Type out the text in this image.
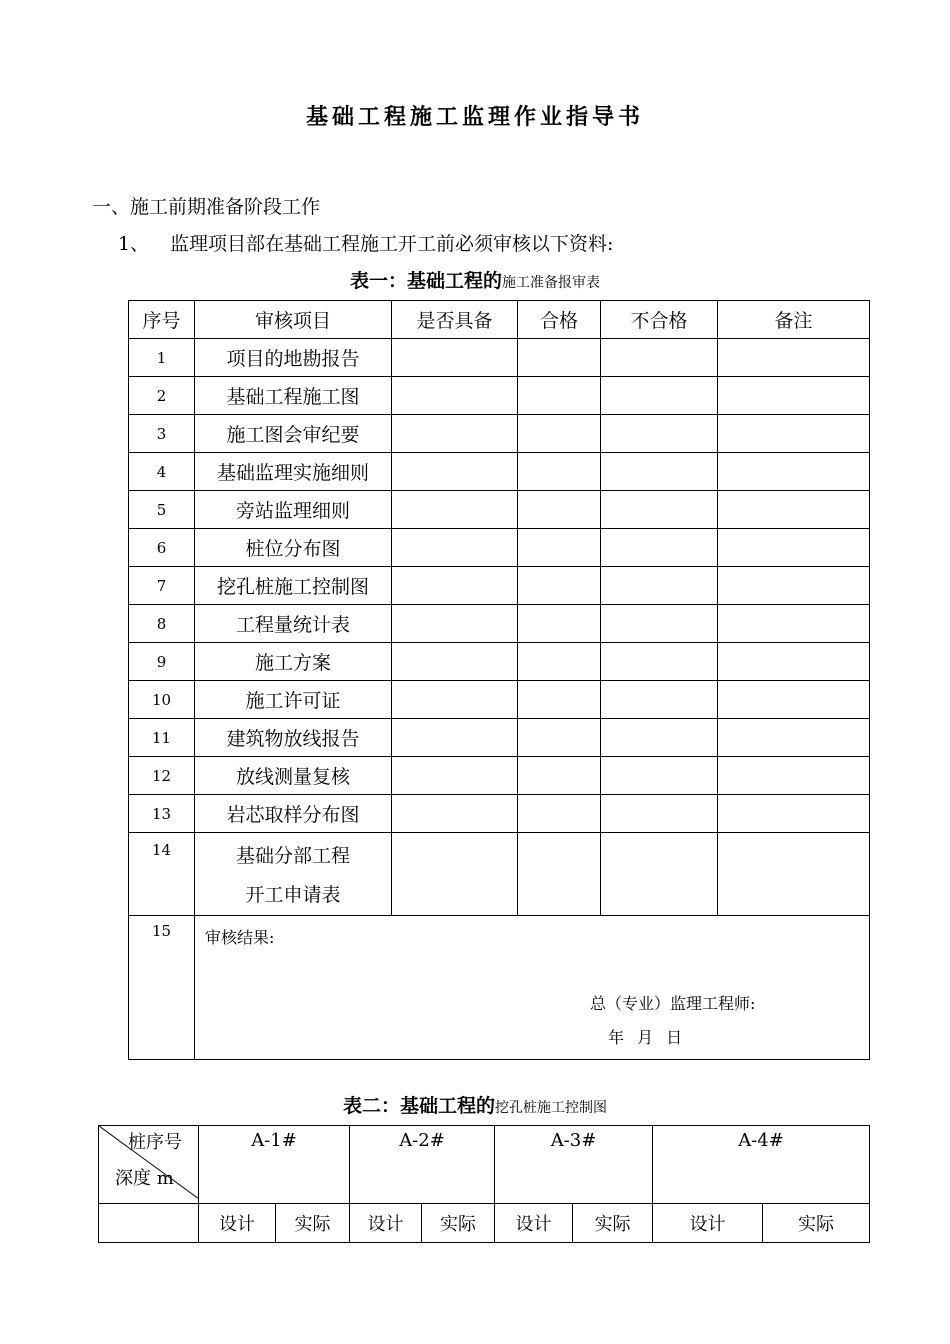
基础工程施工监理作业指导书
一、施工前期准备阶段工作
1、 监理项目部在基础工程施工开工前必须审核以下资料:
表一：基础工程的施工准备报审表
序号	审核项目	是否具备	合格	不合格	备注
1	项目的地勘报告				
2	基础工程施工图				
3	施工图会审纪要				
4	基础监理实施细则				
5	旁站监理细则				
6	桩位分布图				
7	挖孔桩施工控制图				
8	工程量统计表				
9	施工方案				
10	施工许可证				
11	建筑物放线报告				
12	放线测量复核				
13	岩芯取样分布图				
14	基础分部工程
开工申请表				

15	审核结果:
总（专业）监理工程师:
年 月 日				
表二：基础工程的挖孔桩施工控制图
桩序号
深度 m	A-1#		A-2#		A-3#		A-4#	
	设计	实际	设计	实际	设计	实际	设计	实际
